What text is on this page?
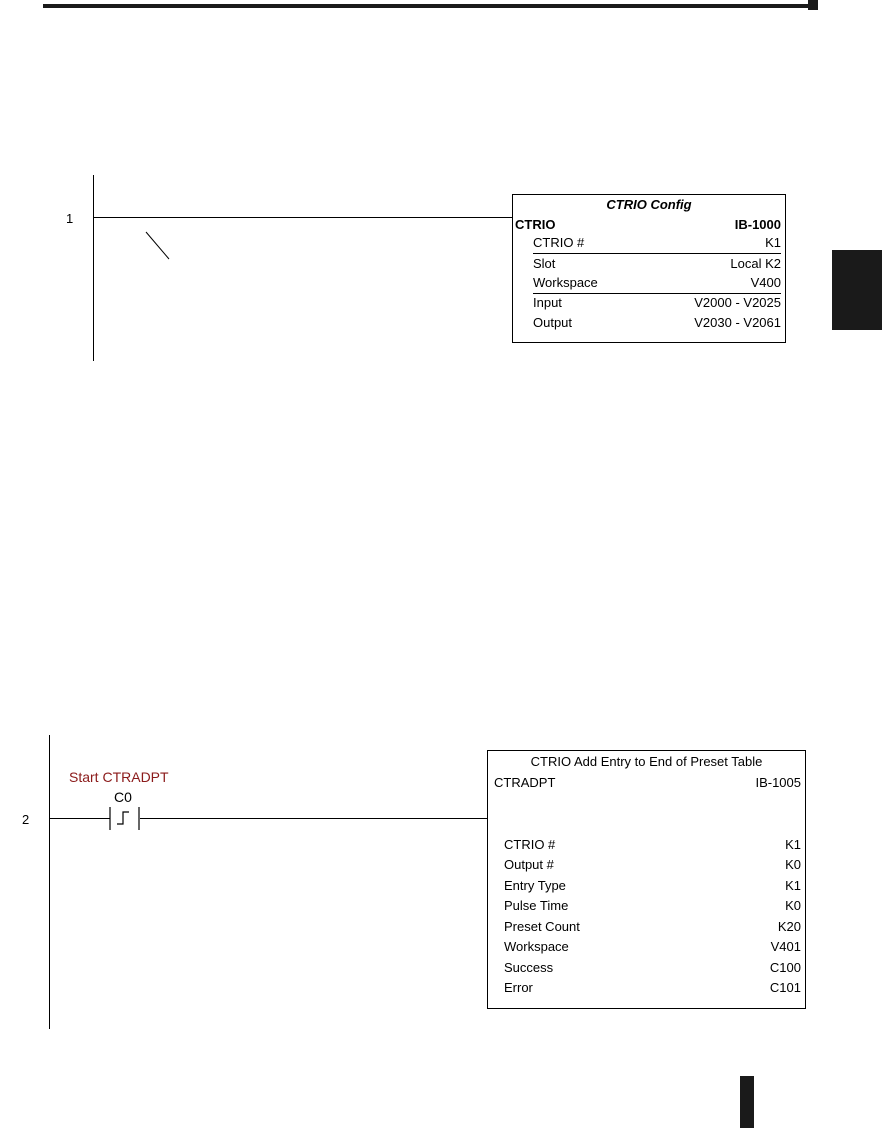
1
CTRIO Config
CTRIO	IB-1000
CTRIO #	K1
Slot	Local K2
Workspace	V400
Input	V2000 - V2025
Output	V2030 - V2061
2
Start CTRADPT
C0
CTRIO Add Entry to End of Preset Table
CTRADPT	IB-1005
CTRIO #	K1
Output #	K0
Entry Type	K1
Pulse Time	K0
Preset Count	K20
Workspace	V401
Success	C100
Error	C101
